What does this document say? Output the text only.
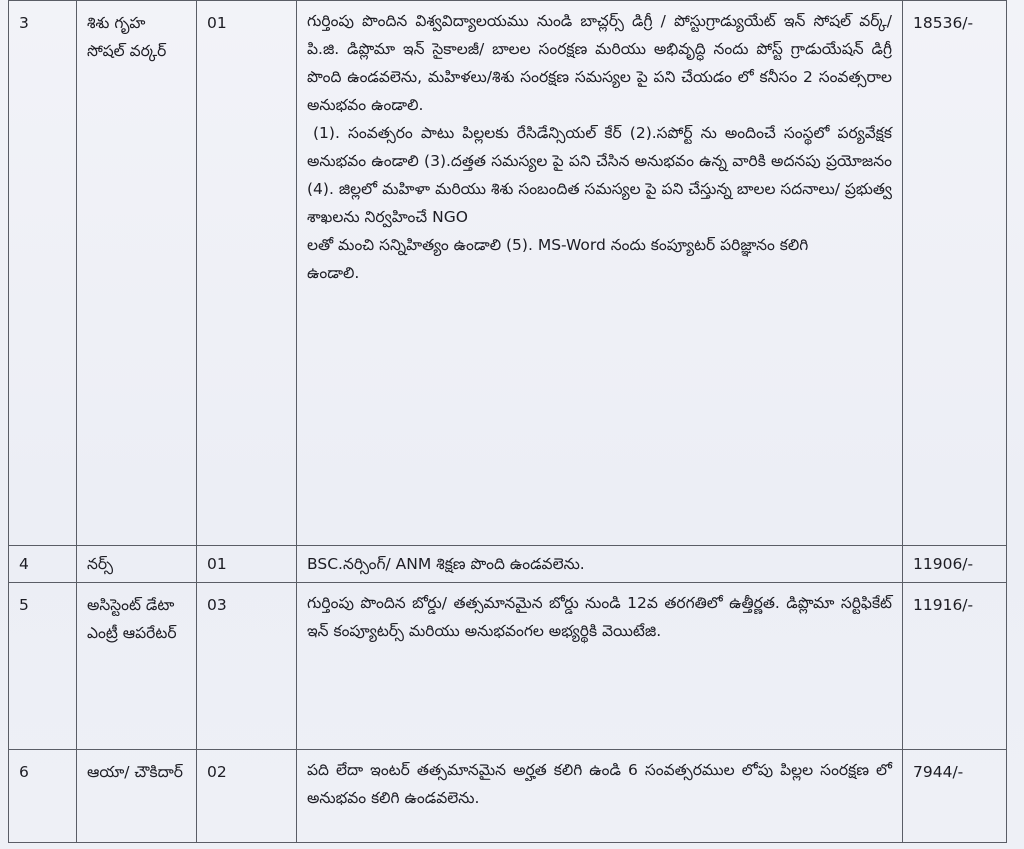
3	శిశు గృహ సోషల్ వర్కర్	01	గుర్తింపు పొందిన విశ్వవిద్యాలయము నుండి బాచ్లర్స్ డిగ్రీ / పోస్టుగ్రాడ్యుయేట్ ఇన్ సోషల్ వర్క్/ పి.జి. డిప్లొమా ఇన్ సైకాలజీ/ బాలల సంరక్షణ మరియు అభివృద్ధి నందు పోస్ట్ గ్రాడుయేషన్ డిగ్రీ పొంది ఉండవలెను, మహిళలు/శిశు సంరక్షణ సమస్యల పై పని చేయడం లో కనీసం 2 సంవత్సరాల అనుభవం ఉండాలి.

(1). సంవత్సరం పాటు పిల్లలకు రేసిడేన్సియల్ కేర్ (2).సపోర్ట్ ను అందించే సంస్థలో పర్యవేక్షక అనుభవం ఉండాలి (3).దత్తత సమస్యల పై పని చేసిన అనుభవం ఉన్న వారికి అదనపు ప్రయోజనం (4). జిల్లలో మహిళా మరియు శిశు సంబందిత సమస్యల పై పని చేస్తున్న బాలల సదనాలు/ ప్రభుత్వ శాఖలను నిర్వహించే NGO

లతో మంచి సన్నిహిత్యం ఉండాలి (5). MS-Word నందు కంప్యూటర్ పరిజ్ఞానం కలిగి

ఉండాలి.	18536/-
4	నర్స్	01	BSC.నర్సింగ్/ ANM శిక్షణ పొంది ఉండవలెను.	11906/-
5	అసిస్టెంట్ డేటా ఎంట్రీ ఆపరేటర్	03	గుర్తింపు పొందిన బోర్డు/ తత్సమానమైన బోర్డు నుండి 12వ తరగతిలో ఉత్తీర్ణత. డిప్లొమా సర్టిఫికేట్ ఇన్ కంప్యూటర్స్ మరియు అనుభవంగల అభ్యర్థికి వెయిటేజి.	11916/-
6	ఆయా/ చౌకిదార్	02	పది లేదా ఇంటర్ తత్సమానమైన అర్హత కలిగి ఉండి 6 సంవత్సరముల లోపు పిల్లల సంరక్షణ లో అనుభవం కలిగి ఉండవలెను.	7944/-
